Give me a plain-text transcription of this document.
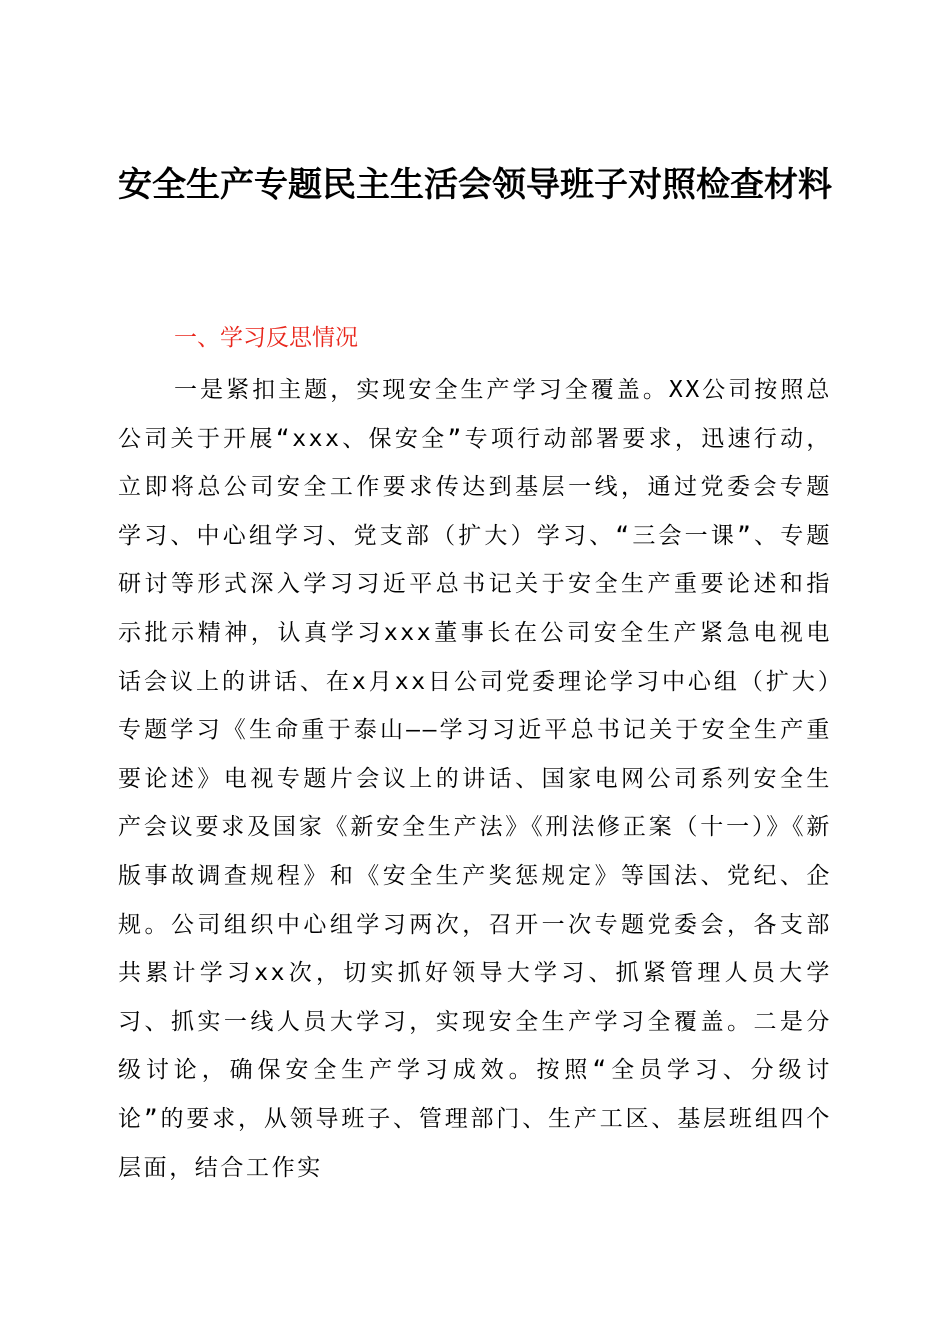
安全生产专题民主生活会领导班子对照检查材料
一、学习反思情况

一是紧扣主题，实现安全生产学习全覆盖。XX公司按照总公司关于开展“xxx、保安全”专项行动部署要求，迅速行动，立即将总公司安全工作要求传达到基层一线，通过党委会专题学习、中心组学习、党支部（扩大）学习、“三会一课”、专题研讨等形式深入学习习近平总书记关于安全生产重要论述和指示批示精神，认真学习xxx董事长在公司安全生产紧急电视电话会议上的讲话、在x月xx日公司党委理论学习中心组（扩大）专题学习《生命重于泰山——学习习近平总书记关于安全生产重要论述》电视专题片会议上的讲话、国家电网公司系列安全生产会议要求及国家《新安全生产法》《刑法修正案（十一）》《新版事故调查规程》和《安全生产奖惩规定》等国法、党纪、企规。公司组织中心组学习两次，召开一次专题党委会，各支部共累计学习xx次，切实抓好领导大学习、抓紧管理人员大学习、抓实一线人员大学习，实现安全生产学习全覆盖。二是分级讨论，确保安全生产学习成效。按照“全员学习、分级讨论”的要求，从领导班子、管理部门、生产工区、基层班组四个层面，结合工作实
